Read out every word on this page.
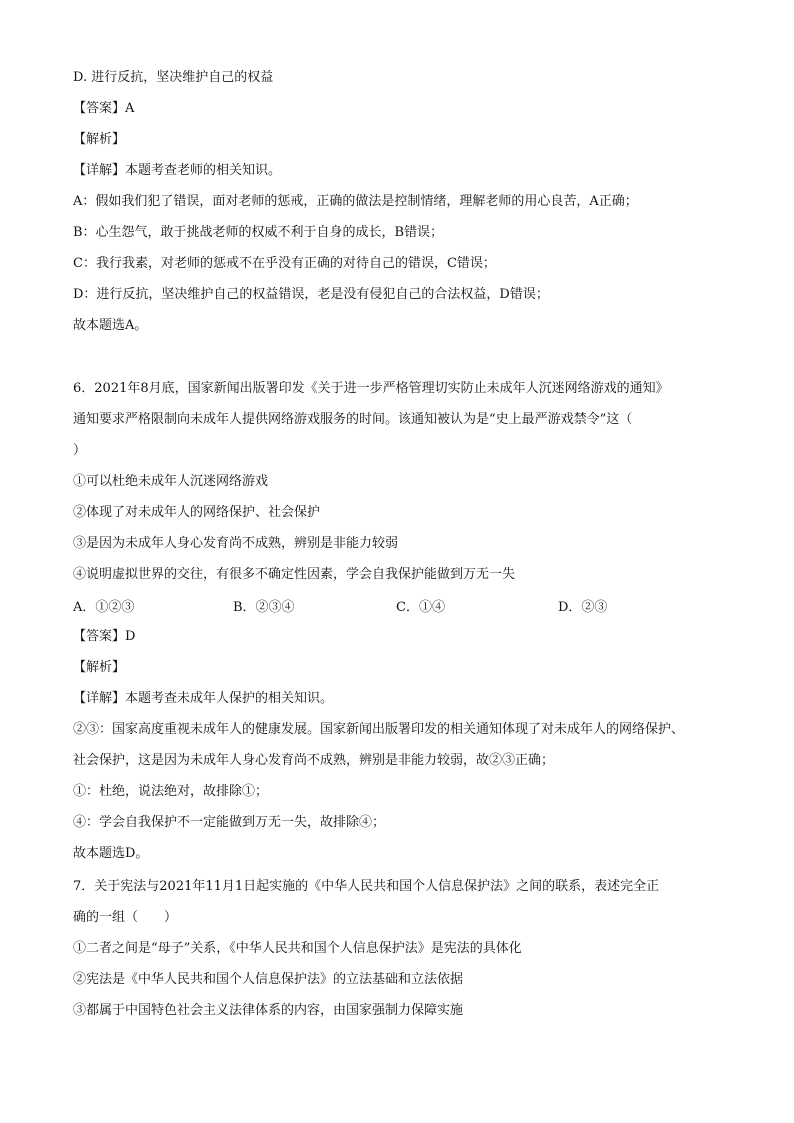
D. 进行反抗，坚决维护自己的权益
【答案】A
【解析】
【详解】本题考查老师的相关知识。
A：假如我们犯了错误，面对老师的惩戒，正确的做法是控制情绪，理解老师的用心良苦，A正确；
B：心生怨气，敢于挑战老师的权威不利于自身的成长，B错误；
C：我行我素，对老师的惩戒不在乎没有正确的对待自己的错误，C错误；
D：进行反抗，坚决维护自己的权益错误，老是没有侵犯自己的合法权益，D错误；
故本题选A。
6．2021年8月底，国家新闻出版署印发《关于进一步严格管理切实防止未成年人沉迷网络游戏的通知》
通知要求严格限制向未成年人提供网络游戏服务的时间。该通知被认为是“史上最严游戏禁令”这（
）
①可以杜绝未成年人沉迷网络游戏
②体现了对未成年人的网络保护、社会保护
③是因为未成年人身心发育尚不成熟，辨别是非能力较弱
④说明虚拟世界的交往，有很多不确定性因素，学会自我保护能做到万无一失
A．①②③	B．②③④	C．①④	D．②③
【答案】D
【解析】
【详解】本题考查未成年人保护的相关知识。
②③：国家高度重视未成年人的健康发展。国家新闻出版署印发的相关通知体现了对未成年人的网络保护、
社会保护，这是因为未成年人身心发育尚不成熟，辨别是非能力较弱，故②③正确；
①：杜绝，说法绝对，故排除①；
④：学会自我保护不一定能做到万无一失，故排除④；
故本题选D。
7．关于宪法与2021年11月1日起实施的《中华人民共和国个人信息保护法》之间的联系，表述完全正
确的一组（　　）
①二者之间是“母子”关系，《中华人民共和国个人信息保护法》是宪法的具体化
②宪法是《中华人民共和国个人信息保护法》的立法基础和立法依据
③都属于中国特色社会主义法律体系的内容，由国家强制力保障实施
